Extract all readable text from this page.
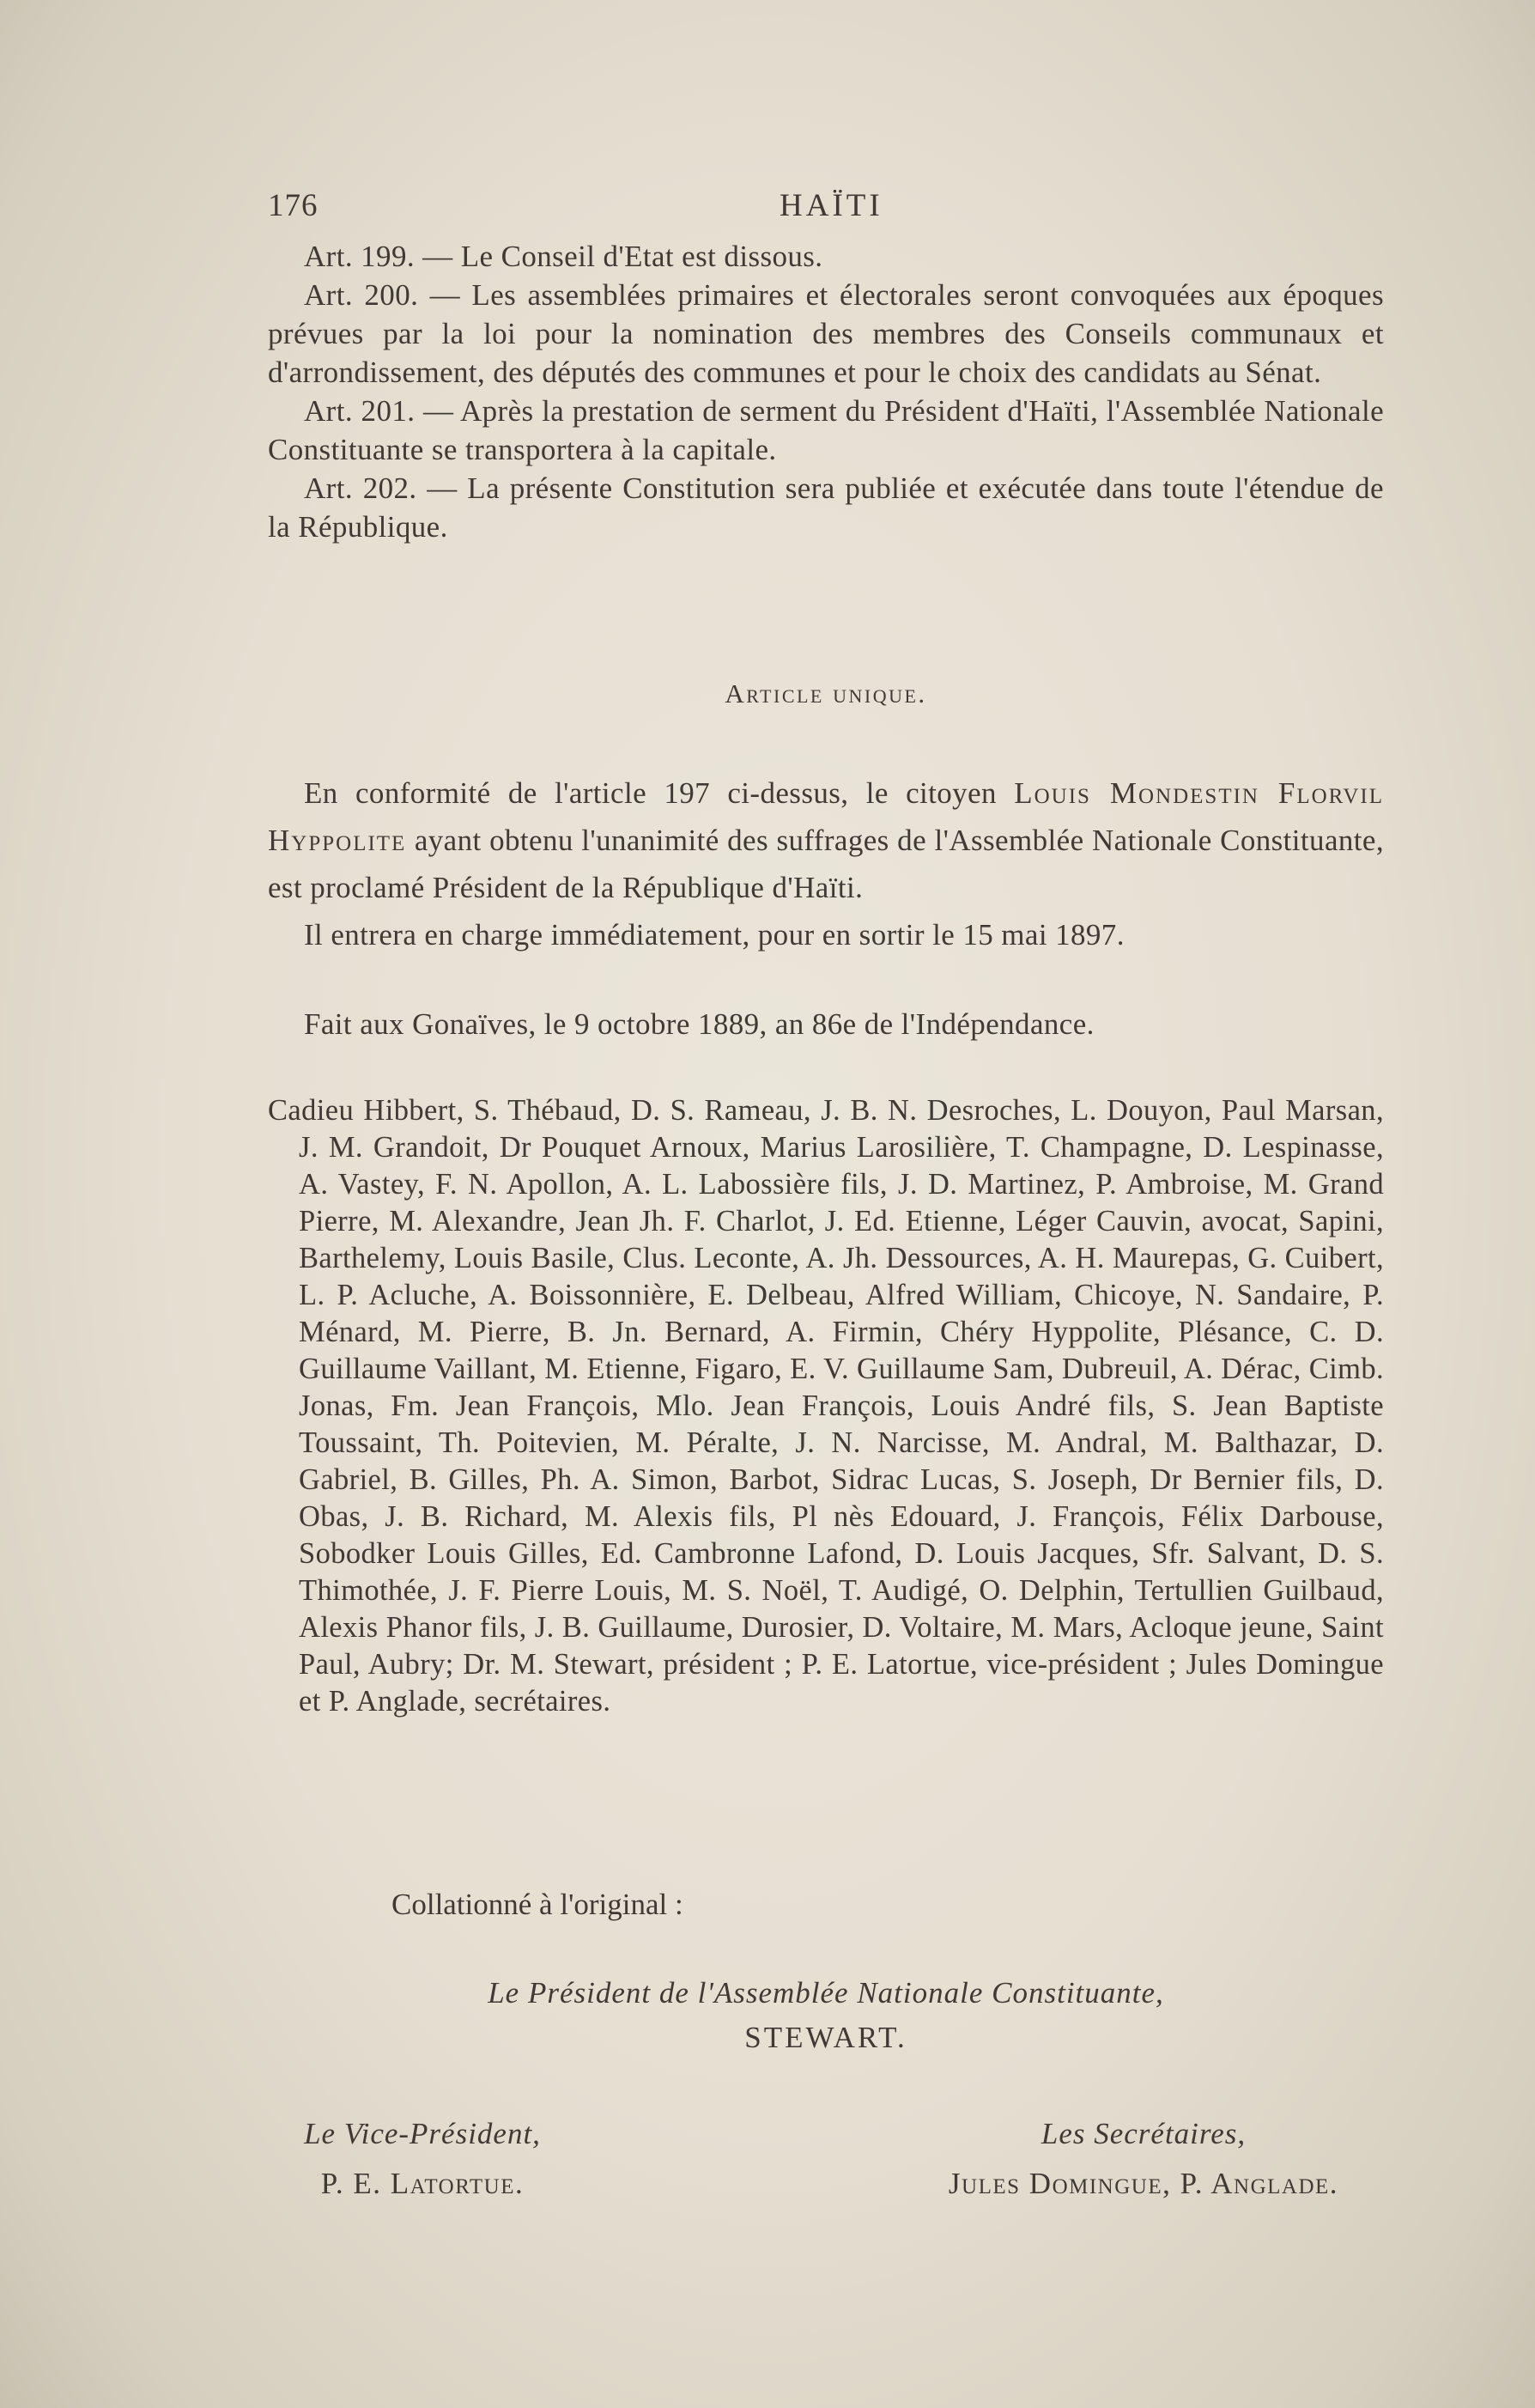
176	HAÏTI

Art. 199. — Le Conseil d'Etat est dissous.

Art. 200. — Les assemblées primaires et électorales seront convoquées aux époques prévues par la loi pour la nomination des membres des Conseils communaux et d'arrondissement, des députés des communes et pour le choix des candidats au Sénat.

Art. 201. — Après la prestation de serment du Président d'Haïti, l'Assemblée Nationale Constituante se transportera à la capitale.

Art. 202. — La présente Constitution sera publiée et exécutée dans toute l'étendue de la République.

Article unique.

En conformité de l'article 197 ci-dessus, le citoyen Louis Mondestin Florvil Hyppolite ayant obtenu l'unanimité des suffrages de l'Assemblée Nationale Constituante, est proclamé Président de la République d'Haïti.

Il entrera en charge immédiatement, pour en sortir le 15 mai 1897.

Fait aux Gonaïves, le 9 octobre 1889, an 86e de l'Indépendance.

Cadieu Hibbert, S. Thébaud, D. S. Rameau, J. B. N. Desroches, L. Douyon, Paul Marsan, J. M. Grandoit, Dr Pouquet Arnoux, Marius Larosilière, T. Champagne, D. Lespinasse, A. Vastey, F. N. Apollon, A. L. Labossière fils, J. D. Martinez, P. Ambroise, M. Grand Pierre, M. Alexandre, Jean Jh. F. Charlot, J. Ed. Etienne, Léger Cauvin, avocat, Sapini, Barthelemy, Louis Basile, Clus. Leconte, A. Jh. Dessources, A. H. Maurepas, G. Cuibert, L. P. Acluche, A. Boissonnière, E. Delbeau, Alfred William, Chicoye, N. Sandaire, P. Ménard, M. Pierre, B. Jn. Bernard, A. Firmin, Chéry Hyppolite, Plésance, C. D. Guillaume Vaillant, M. Etienne, Figaro, E. V. Guillaume Sam, Dubreuil, A. Dérac, Cimb. Jonas, Fm. Jean François, Mlo. Jean François, Louis André fils, S. Jean Baptiste Toussaint, Th. Poitevien, M. Péralte, J. N. Narcisse, M. Andral, M. Balthazar, D. Gabriel, B. Gilles, Ph. A. Simon, Barbot, Sidrac Lucas, S. Joseph, Dr Bernier fils, D. Obas, J. B. Richard, M. Alexis fils, Pl nès Edouard, J. François, Félix Darbouse, Sobodker Louis Gilles, Ed. Cambronne Lafond, D. Louis Jacques, Sfr. Salvant, D. S. Thimothée, J. F. Pierre Louis, M. S. Noël, T. Audigé, O. Delphin, Tertullien Guilbaud, Alexis Phanor fils, J. B. Guillaume, Durosier, D. Voltaire, M. Mars, Acloque jeune, Saint Paul, Aubry; Dr. M. Stewart, président ; P. E. Latortue, vice-président ; Jules Domingue et P. Anglade, secrétaires.
Collationné à l'original :
Le Président de l'Assemblée Nationale Constituante,
STEWART.
Le Vice-Président,
P. E. Latortue.
Les Secrétaires,
Jules Domingue, P. Anglade.
